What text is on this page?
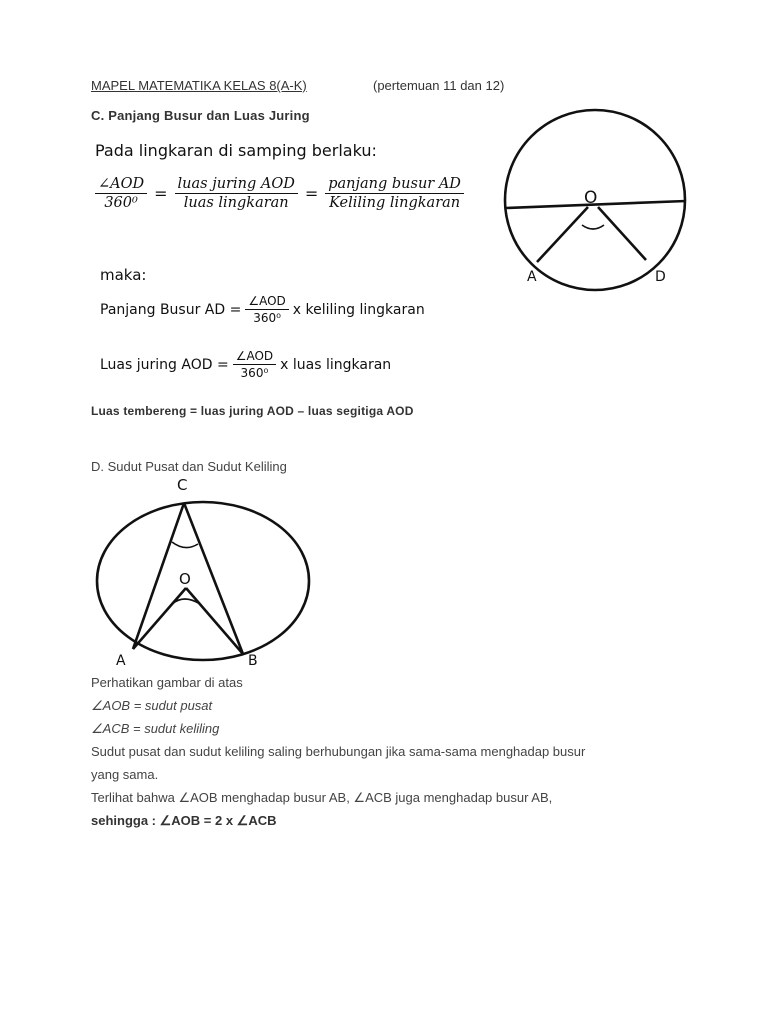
MAPEL MATEMATIKA KELAS 8(A-K)	(pertemuan 11 dan 12)
C. Panjang Busur dan Luas Juring
Pada lingkaran di samping berlaku:
$\frac{\text{∠AOD}}{\text{360⁰}} = \frac{\text{luas juring AOD}}{\text{luas lingkaran}} = \frac{\text{panjang busur AD}}{\text{Keliling lingkaran}}$
maka:
Panjang Busur AD = $\frac{\text{∠AOD}}{\text{360⁰}}$ x keliling lingkaran
Luas juring AOD = $\frac{\text{∠AOD}}{\text{360⁰}}$ x luas lingkaran
Luas tembereng = luas juring AOD – luas segitiga AOD
O
A	D
D. Sudut Pusat dan Sudut Keliling
C
O
A	B
Perhatikan gambar di atas
∠AOB = sudut pusat
∠ACB = sudut keliling
Sudut pusat dan sudut keliling saling berhubungan jika sama-sama menghadap busur
yang sama.
Terlihat bahwa ∠AOB menghadap busur AB, ∠ACB juga menghadap busur AB,
sehingga : ∠AOB = 2 x ∠ACB
